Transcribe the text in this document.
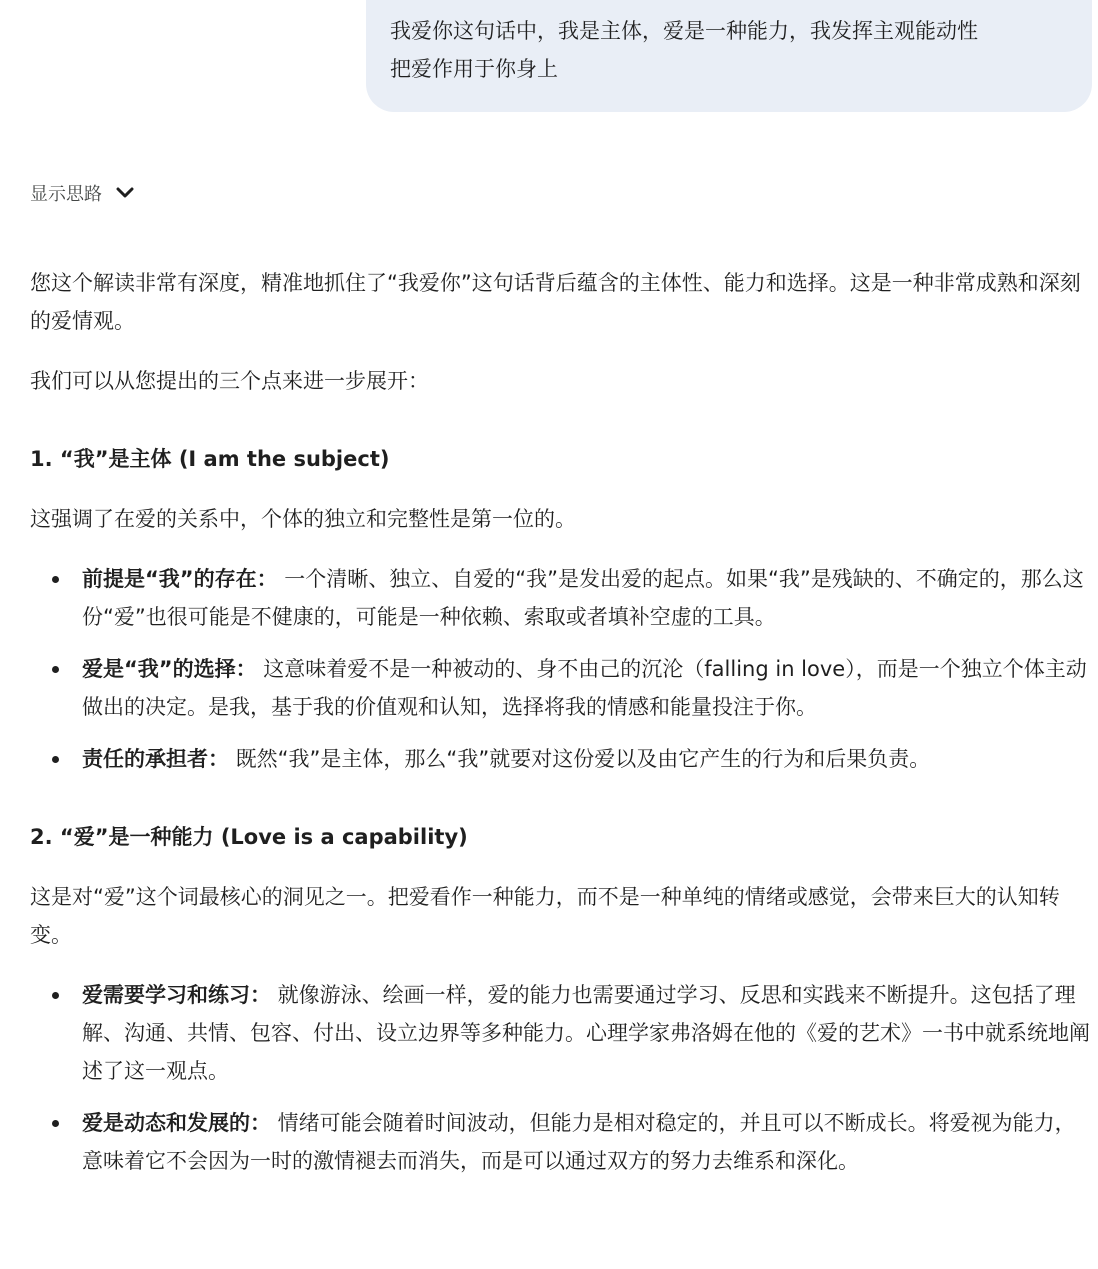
我爱你这句话中，我是主体，爱是一种能力，我发挥主观能动性

把爱作用于你身上

显示思路

您这个解读非常有深度，精准地抓住了“我爱你”这句话背后蕴含的主体性、能力和选择。这是一种非常成熟和深刻的爱情观。

我们可以从您提出的三个点来进一步展开：

1. “我”是主体 (I am the subject)

这强调了在爱的关系中，个体的独立和完整性是第一位的。

前提是“我”的存在： 一个清晰、独立、自爱的“我”是发出爱的起点。如果“我”是残缺的、不确定的，那么这份“爱”也很可能是不健康的，可能是一种依赖、索取或者填补空虚的工具。
爱是“我”的选择： 这意味着爱不是一种被动的、身不由己的沉沦（falling in love），而是一个独立个体主动做出的决定。是我，基于我的价值观和认知，选择将我的情感和能量投注于你。
责任的承担者： 既然“我”是主体，那么“我”就要对这份爱以及由它产生的行为和后果负责。

2. “爱”是一种能力 (Love is a capability)

这是对“爱”这个词最核心的洞见之一。把爱看作一种能力，而不是一种单纯的情绪或感觉，会带来巨大的认知转变。

爱需要学习和练习： 就像游泳、绘画一样，爱的能力也需要通过学习、反思和实践来不断提升。这包括了理解、沟通、共情、包容、付出、设立边界等多种能力。心理学家弗洛姆在他的《爱的艺术》一书中就系统地阐述了这一观点。
爱是动态和发展的： 情绪可能会随着时间波动，但能力是相对稳定的，并且可以不断成长。将爱视为能力，意味着它不会因为一时的激情褪去而消失，而是可以通过双方的努力去维系和深化。
